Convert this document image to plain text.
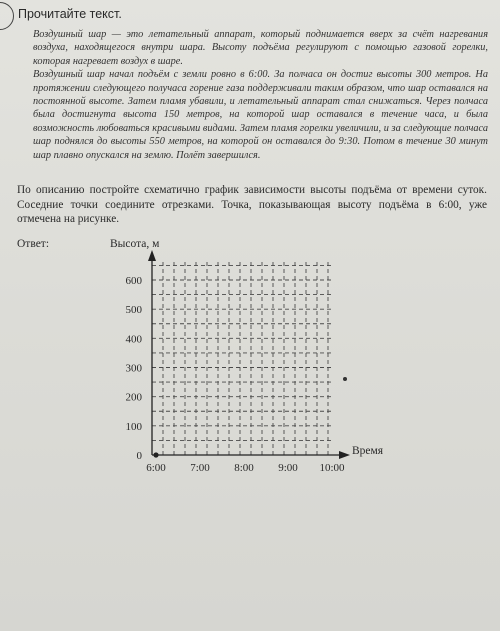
Прочитайте текст.

Воздушный шар — это летательный аппарат, который поднимается вверх за счёт нагревания воздуха, находящегося внутри шара. Высоту подъёма регулируют с помощью газовой горелки, которая нагревает воздух в шаре.

Воздушный шар начал подъём с земли ровно в 6:00. За полчаса он достиг высоты 300 метров. На протяжении следующего получаса горение газа поддерживали таким образом, что шар оставался на постоянной высоте. Затем пламя убавили, и летательный аппарат стал снижаться. Через полчаса была достигнута высота 150 метров, на которой шар оставался в течение часа, и была возможность любоваться красивыми видами. Затем пламя горелки увеличили, и за следующие полчаса шар поднялся до высоты 550 метров, на которой он оставался до 9:30. Потом в течение 30 минут шар плавно опускался на землю. Полёт завершился.

По описанию постройте схематично график зависимости высоты подъёма от времени суток. Соседние точки соедините отрезками. Точка, показывающая высоту подъёма в 6:00, уже отмечена на рисунке.
Ответ:	Высота, м
Время
0
100
200
300
400
500
600
6:00 7:00 8:00 9:00 10:00
